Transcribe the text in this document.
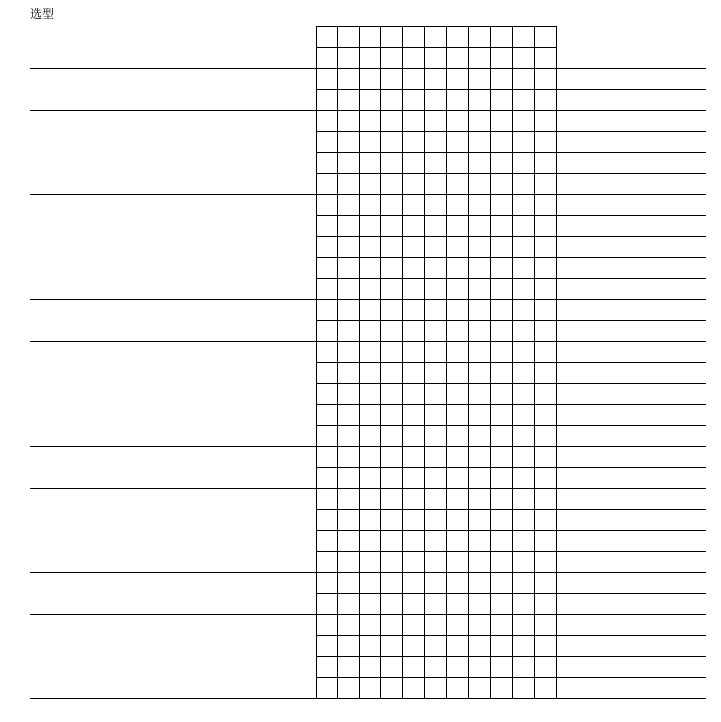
选型
